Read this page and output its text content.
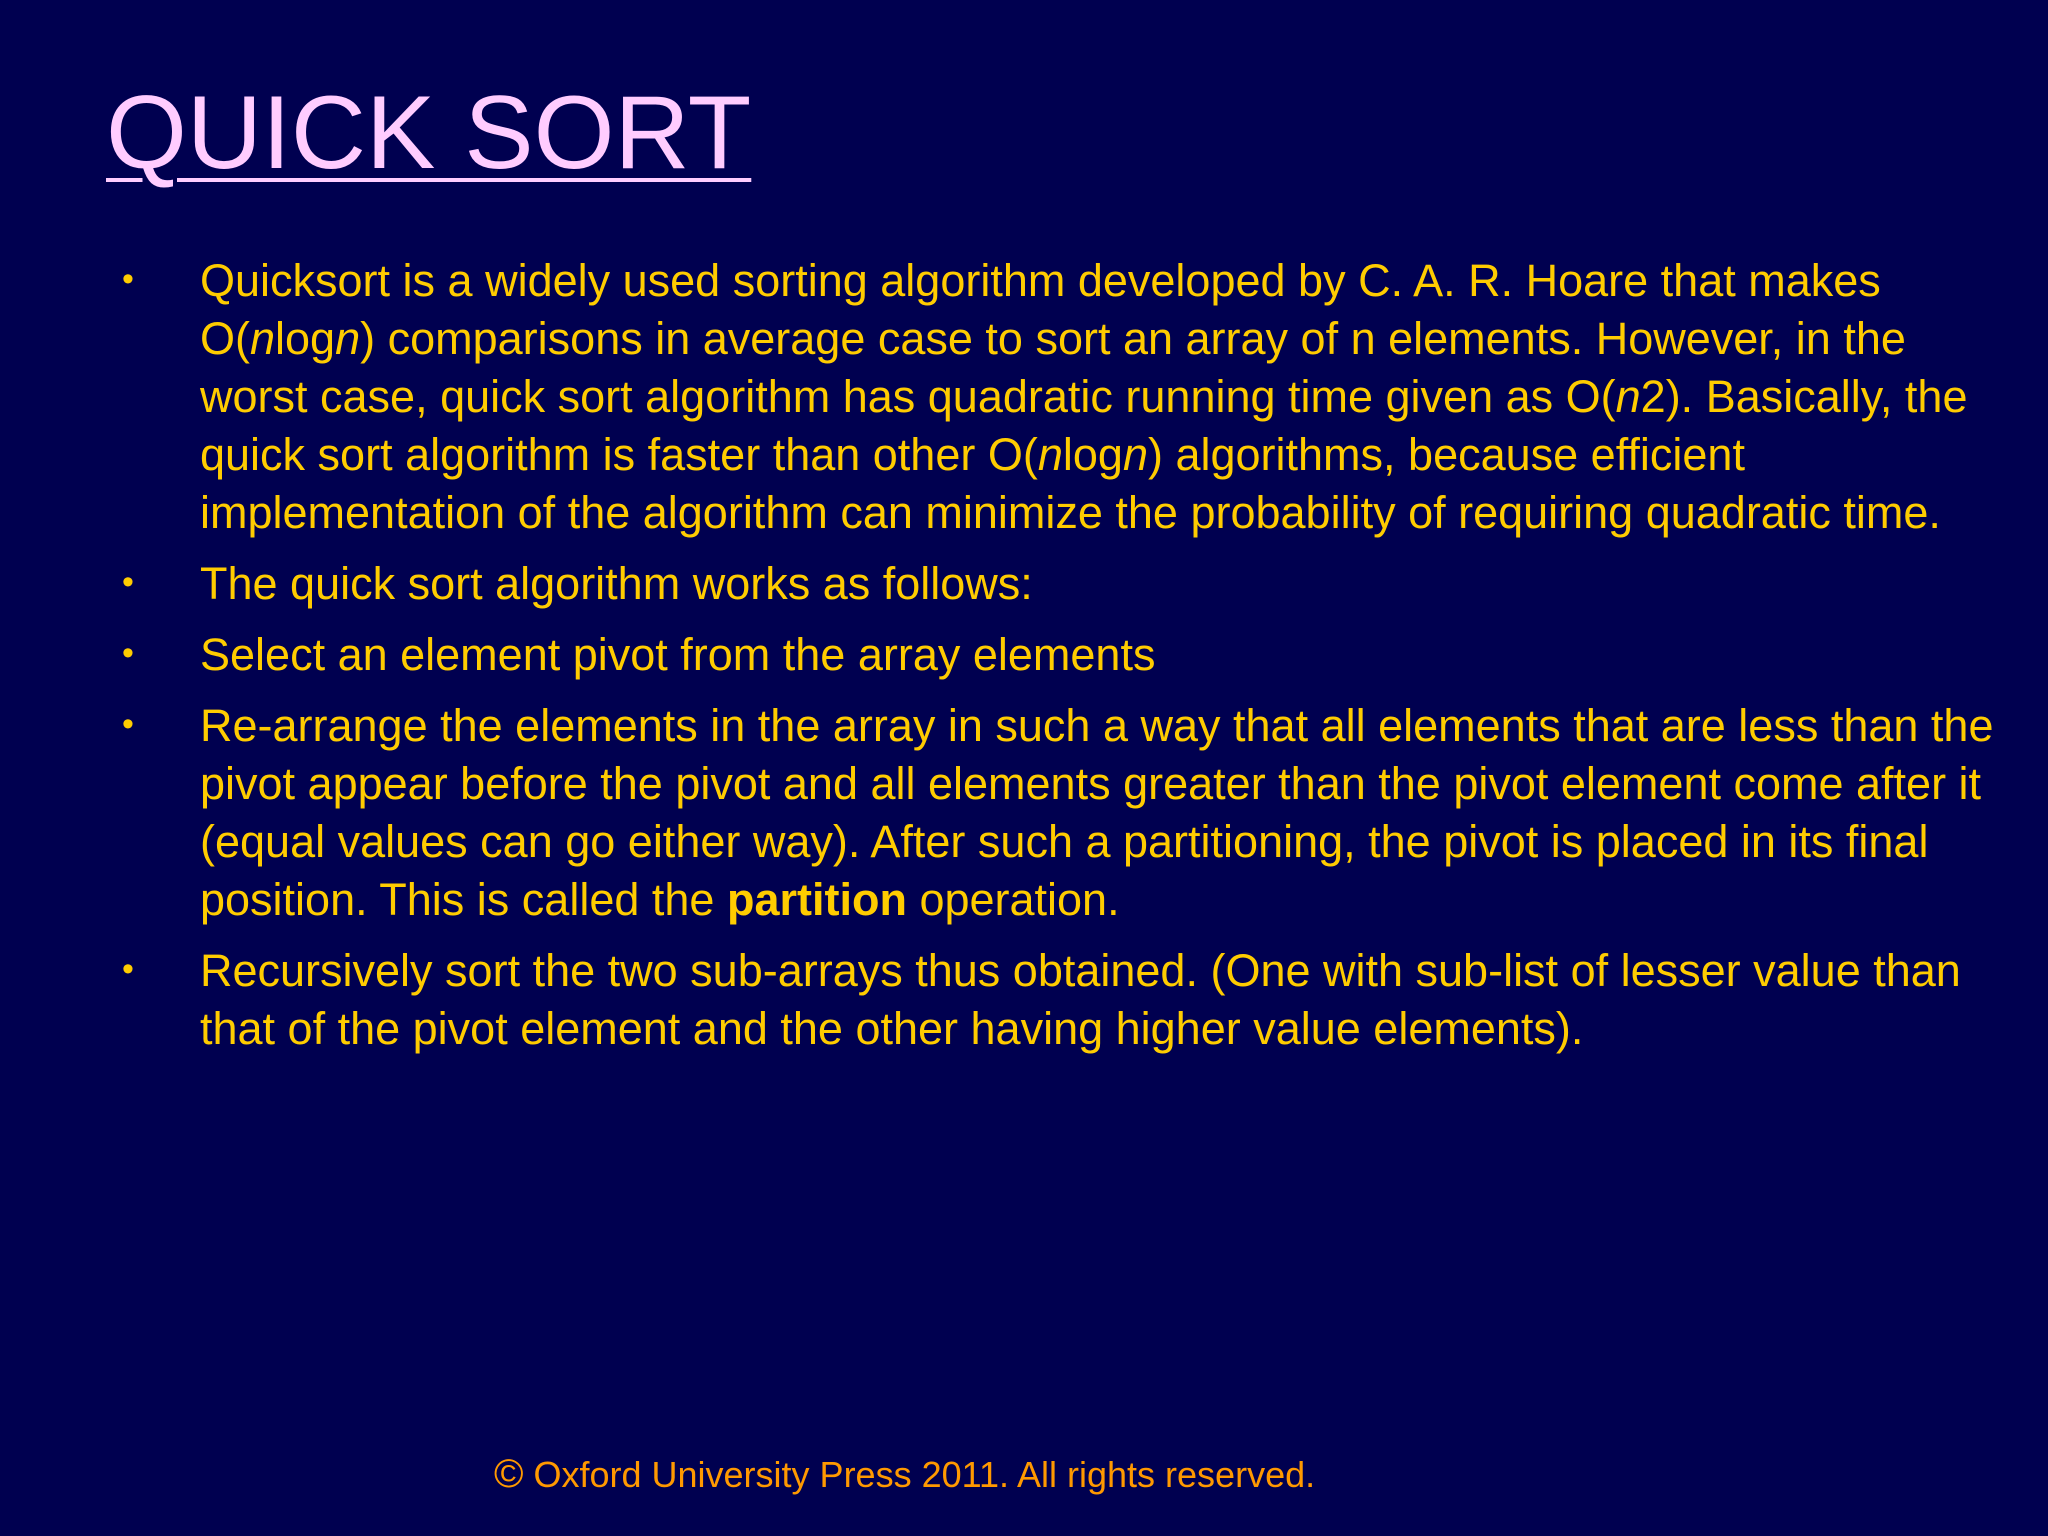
QUICK SORT
• Quicksort is a widely used sorting algorithm developed by C. A. R. Hoare that makes O(nlogn) comparisons in average case to sort an array of n elements. However, in the worst case, quick sort algorithm has quadratic running time given as O(n2). Basically, the quick sort algorithm is faster than other O(nlogn) algorithms, because efficient implementation of the algorithm can minimize the probability of requiring quadratic time.
• The quick sort algorithm works as follows:
• Select an element pivot from the array elements
• Re-arrange the elements in the array in such a way that all elements that are less than the pivot appear before the pivot and all elements greater than the pivot element come after it (equal values can go either way). After such a partitioning, the pivot is placed in its final position. This is called the partition operation.
• Recursively sort the two sub-arrays thus obtained. (One with sub-list of lesser value than that of the pivot element and the other having higher value elements).
© Oxford University Press 2011. All rights reserved.
